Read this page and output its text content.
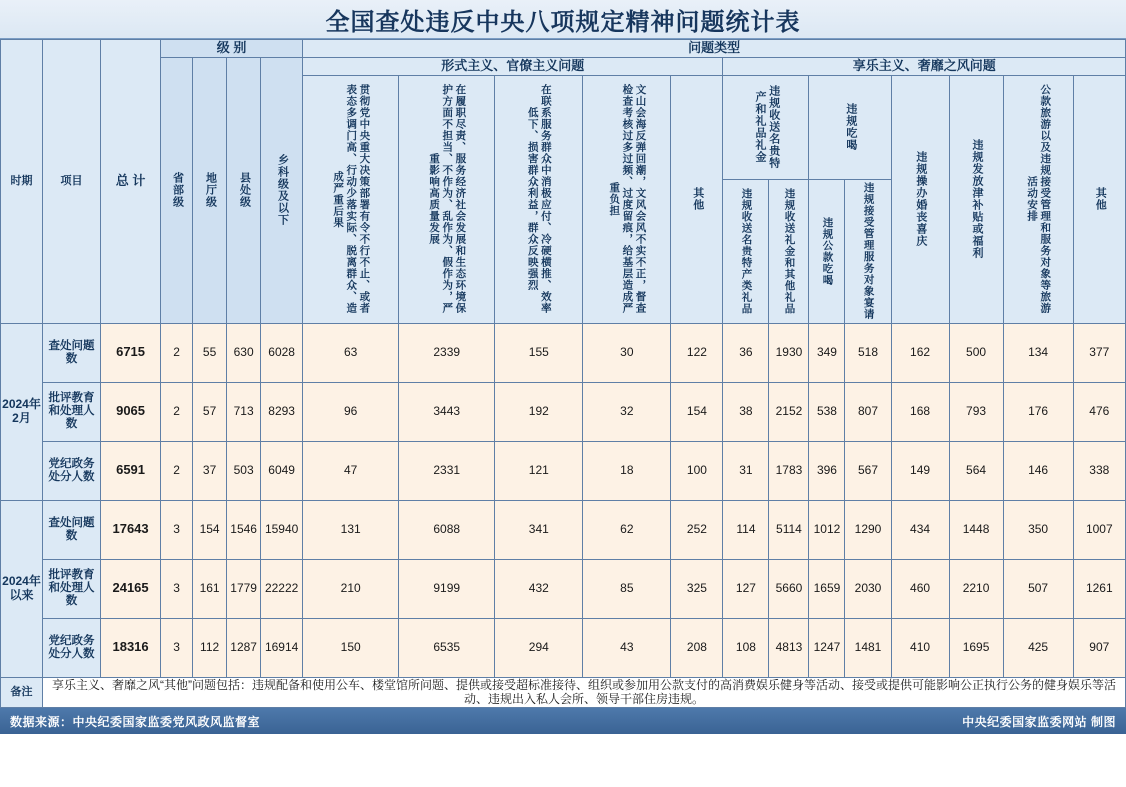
全国查处违反中央八项规定精神问题统计表
时期	项目	总 计	级 别				问题类型												

			省部级	地厅级	县处级	乡科级及以下	形式主义、官僚主义问题					享乐主义、奢靡之风问题							

							贯彻党中央重大决策部署有令不行不止、或者表态多调门高、行动少落实际、脱离群众、造成严重后果	在履职尽责、服务经济社会发展和生态环境保护方面不担当、不作为、乱作为、假作为，严重影响高质量发展	在联系服务群众中消极应付、冷硬横推、效率低下、损害群众利益，群众反映强烈	文山会海反弹回潮，文风会风不实不正，督查检查考核过多过频、过度留痕，给基层造成严重负担	其他	违规收送名贵特产和礼品礼金		违规吃喝		违规操办婚丧喜庆	违规发放津补贴或福利	公款旅游以及违规接受管理和服务对象等旅游活动安排	其他

												违规收送名贵特产类礼品	违规收送礼金和其他礼品	违规公款吃喝	违规接受管理服务对象宴请				

2024年2月	查处问题数	6715	2	55	630	6028	63	2339	155	30	122	36	1930	349	518	162	500	134	377
	批评教育和处理人数	9065	2	57	713	8293	96	3443	192	32	154	38	2152	538	807	168	793	176	476
	党纪政务处分人数	6591	2	37	503	6049	47	2331	121	18	100	31	1783	396	567	149	564	146	338
2024年以来	查处问题数	17643	3	154	1546	15940	131	6088	341	62	252	114	5114	1012	1290	434	1448	350	1007
	批评教育和处理人数	24165	3	161	1779	22222	210	9199	432	85	325	127	5660	1659	2030	460	2210	507	1261
	党纪政务处分人数	18316	3	112	1287	16914	150	6535	294	43	208	108	4813	1247	1481	410	1695	425	907
备注	享乐主义、奢靡之风“其他”问题包括：违规配备和使用公车、楼堂馆所问题、提供或接受超标准接待、组织或参加用公款支付的高消费娱乐健身等活动、接受或提供可能影响公正执行公务的健身娱乐等活动、违规出入私人会所、领导干部住房违规。																		
数据来源：中央纪委国家监委党风政风监督室	中央纪委国家监委网站 制图
